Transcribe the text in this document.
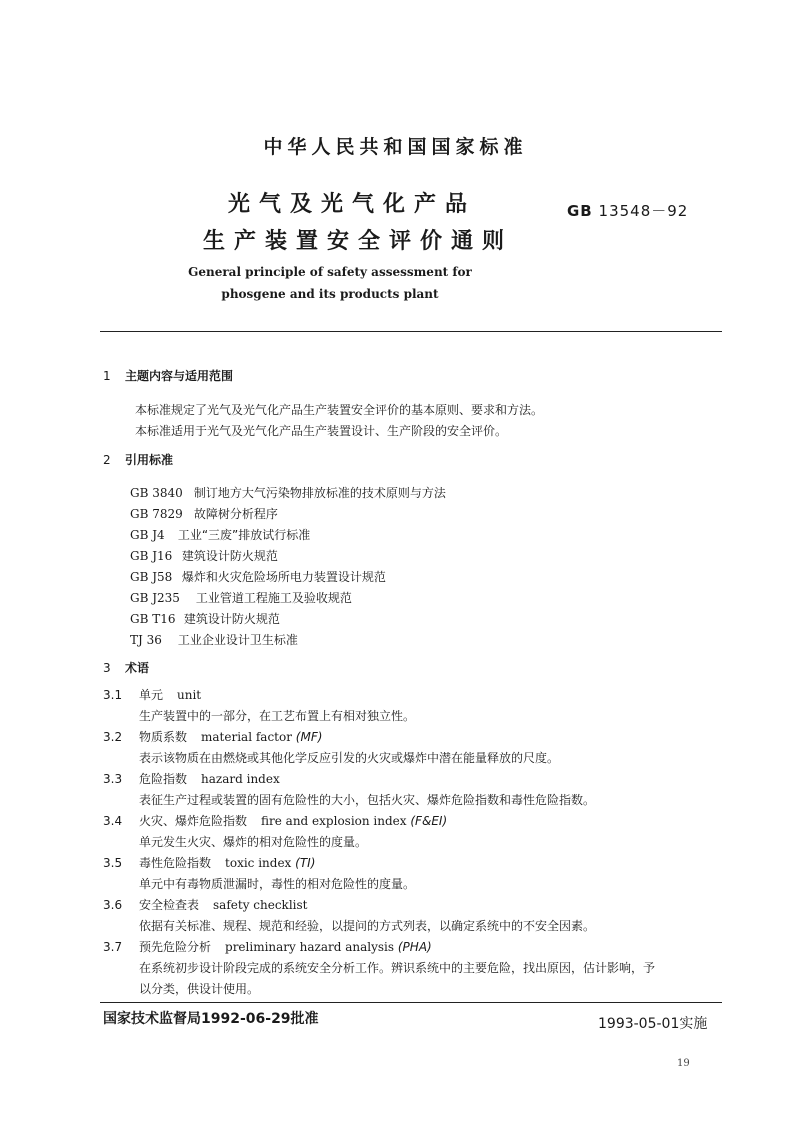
中华人民共和国国家标准
光气及光气化产品
生产装置安全评价通则
GB 13548－92
General principle of safety assessment for
phosgene and its products plant
1 主题内容与适用范围
本标准规定了光气及光气化产品生产装置安全评价的基本原则、要求和方法。
本标准适用于光气及光气化产品生产装置设计、生产阶段的安全评价。
2 引用标准
GB 3840 制订地方大气污染物排放标准的技术原则与方法
GB 7829 故障树分析程序
GB J4 工业“三废”排放试行标准
GB J16 建筑设计防火规范
GB J58 爆炸和火灾危险场所电力装置设计规范
GB J235 工业管道工程施工及验收规范
GB T16 建筑设计防火规范
TJ 36 工业企业设计卫生标准
3 术语
3.1 单元 unit
生产装置中的一部分，在工艺布置上有相对独立性。
3.2 物质系数 material factor (MF)
表示该物质在由燃烧或其他化学反应引发的火灾或爆炸中潜在能量释放的尺度。
3.3 危险指数 hazard index
表征生产过程或装置的固有危险性的大小，包括火灾、爆炸危险指数和毒性危险指数。
3.4 火灾、爆炸危险指数 fire and explosion index (F&EI)
单元发生火灾、爆炸的相对危险性的度量。
3.5 毒性危险指数 toxic index (TI)
单元中有毒物质泄漏时，毒性的相对危险性的度量。
3.6 安全检查表 safety checklist
依据有关标准、规程、规范和经验，以提问的方式列表，以确定系统中的不安全因素。
3.7 预先危险分析 preliminary hazard analysis (PHA)
在系统初步设计阶段完成的系统安全分析工作。辨识系统中的主要危险，找出原因，估计影响，予
以分类，供设计使用。
国家技术监督局1992-06-29批准	1993-05-01实施
19
